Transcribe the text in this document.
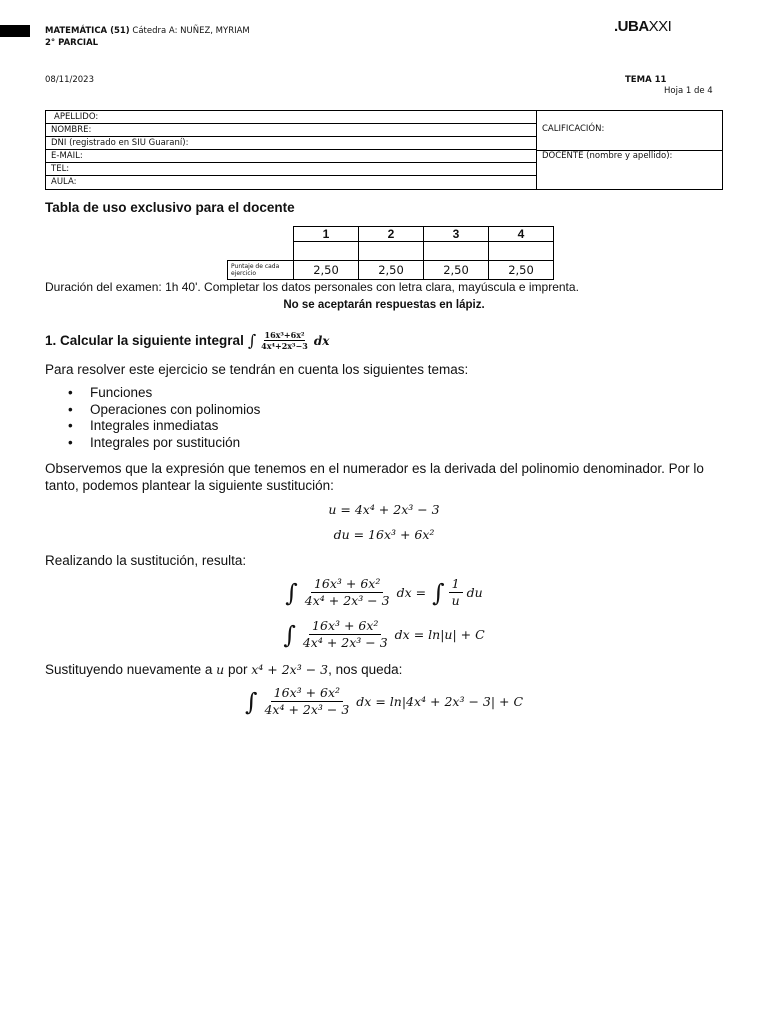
MATEMÁTICA (51) Cátedra A: NUÑEZ, MYRIAM
2° PARCIAL
.UBAXXI
08/11/2023	TEMA 11
Hoja 1 de 4
APELLIDO:
NOMBRE:
DNI (registrado en SIU Guaraní):
E-MAIL:
TEL:
AULA:
CALIFICACIÓN:
DOCENTE (nombre y apellido):
Tabla de uso exclusivo para el docente
	1	2	3	4

Puntaje de cada ejercicio	2,50	2,50	2,50	2,50
Duración del examen: 1h 40'. Completar los datos personales con letra clara, mayúscula e imprenta.
No se aceptarán respuestas en lápiz.
1. Calcular la siguiente integral ∫ $\frac{\text{16x³+6x²}}{\text{4x⁴+2x³−3}}$ dx
Para resolver este ejercicio se tendrán en cuenta los siguientes temas:
• Funciones
• Operaciones con polinomios
• Integrales inmediatas
• Integrales por sustitución
Observemos que la expresión que tenemos en el numerador es la derivada del polinomio denominador. Por lo tanto, podemos plantear la siguiente sustitución:
u = 4x⁴ + 2x³ − 3
du = 16x³ + 6x²
Realizando la sustitución, resulta:
∫ $\frac{\text{16x³ + 6x²}}{\text{4x⁴ + 2x³ − 3}}$ dx = ∫ $\frac{1}{u}$ du
∫ $\frac{\text{16x³ + 6x²}}{\text{4x⁴ + 2x³ − 3}}$ dx = ln|u| + C
Sustituyendo nuevamente a u por x⁴ + 2x³ − 3, nos queda:
∫ $\frac{\text{16x³ + 6x²}}{\text{4x⁴ + 2x³ − 3}}$ dx = ln|4x⁴ + 2x³ − 3| + C
